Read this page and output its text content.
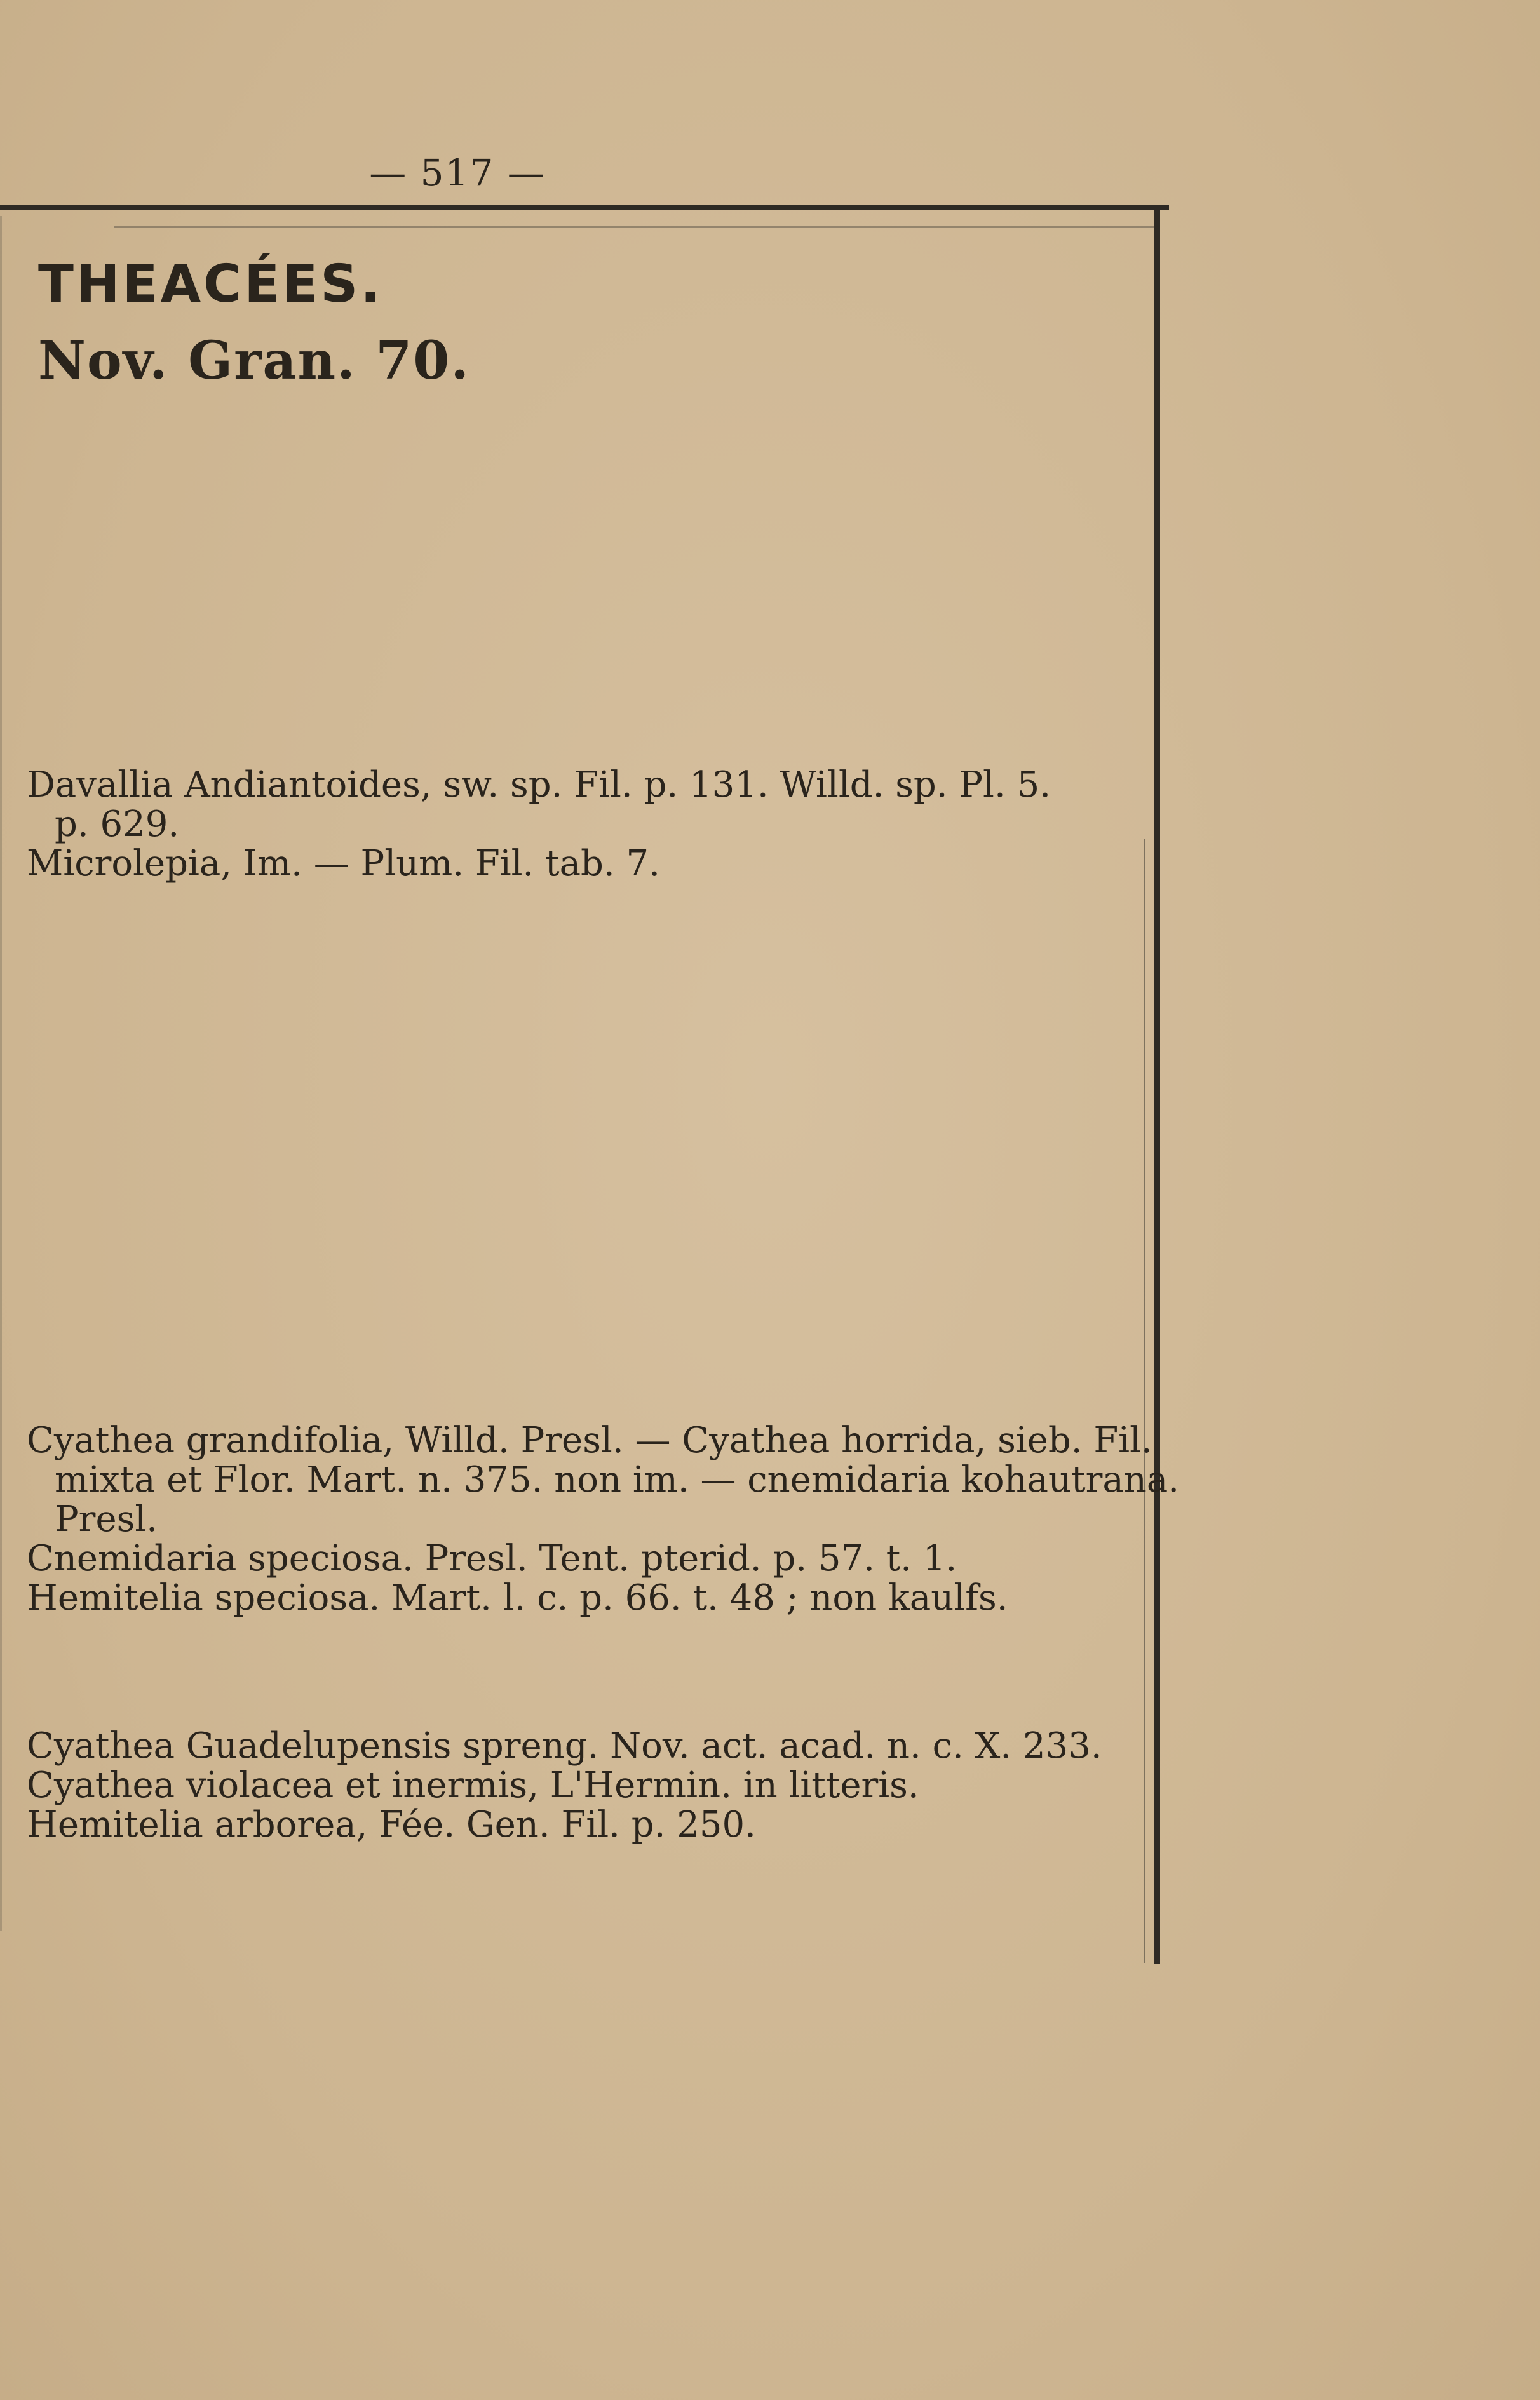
— 517 —
THEACÉES.
Nov. Gran. 70.
Davallia Andiantoides, sw. sp. Fil. p. 131. Willd. sp. Pl. 5.
p. 629.
Microlepia, Im. — Plum. Fil. tab. 7.
Cyathea grandifolia, Willd. Presl. — Cyathea horrida, sieb. Fil.
mixta et Flor. Mart. n. 375. non im. — cnemidaria kohautrana.
Presl.
Cnemidaria speciosa. Presl. Tent. pterid. p. 57. t. 1.
Hemitelia speciosa. Mart. l. c. p. 66. t. 48 ; non kaulfs.
Cyathea Guadelupensis spreng. Nov. act. acad. n. c. X. 233.
Cyathea violacea et inermis, L'Hermin. in litteris.
Hemitelia arborea, Fée. Gen. Fil. p. 250.
